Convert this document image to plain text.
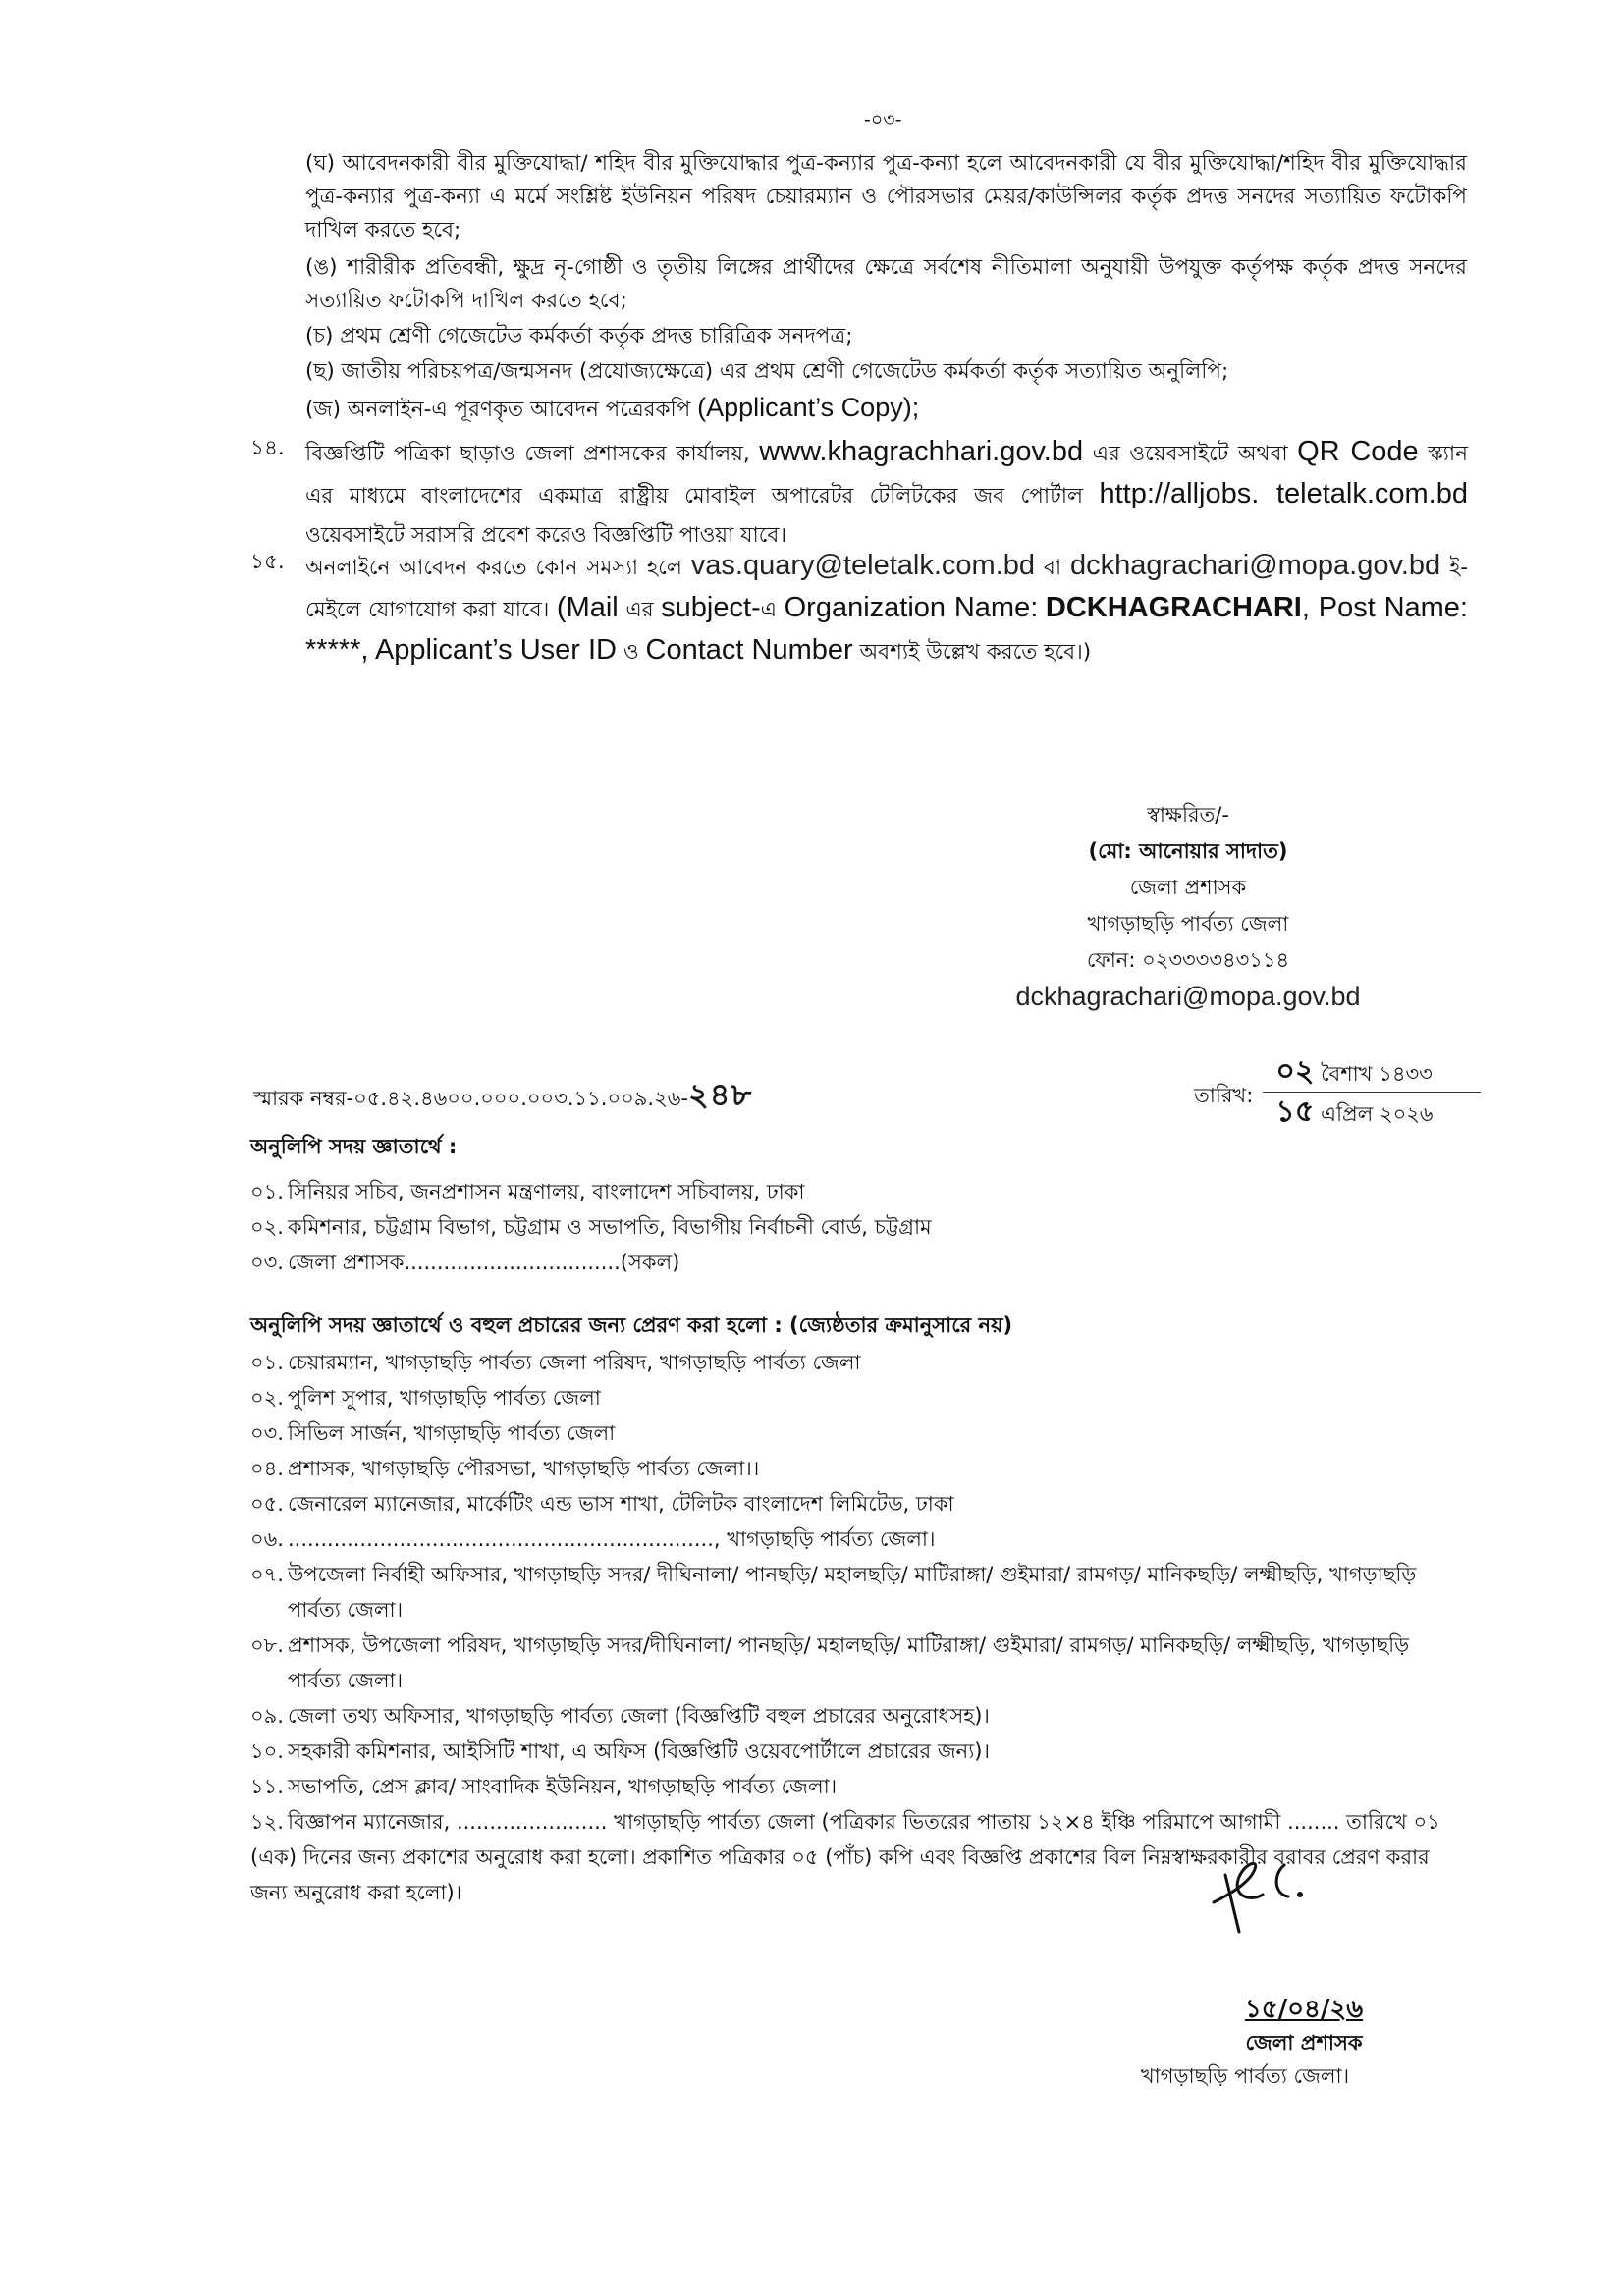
-০৩-
(ঘ) আবেদনকারী বীর মুক্তিযোদ্ধা/ শহিদ বীর মুক্তিযোদ্ধার পুত্র-কন্যার পুত্র-কন্যা হলে আবেদনকারী যে বীর মুক্তিযোদ্ধা/শহিদ বীর মুক্তিযোদ্ধার পুত্র-কন্যার পুত্র-কন্যা এ মর্মে সংশ্লিষ্ট ইউনিয়ন পরিষদ চেয়ারম্যান ও পৌরসভার মেয়র/কাউন্সিলর কর্তৃক প্রদত্ত সনদের সত্যায়িত ফটোকপি দাখিল করতে হবে;
(ঙ) শারীরীক প্রতিবন্ধী, ক্ষুদ্র নৃ-গোষ্ঠী ও তৃতীয় লিঙ্গের প্রার্থীদের ক্ষেত্রে সর্বশেষ নীতিমালা অনুযায়ী উপযুক্ত কর্তৃপক্ষ কর্তৃক প্রদত্ত সনদের সত্যায়িত ফটোকপি দাখিল করতে হবে;
(চ) প্রথম শ্রেণী গেজেটেড কর্মকর্তা কর্তৃক প্রদত্ত চারিত্রিক সনদপত্র;
(ছ) জাতীয় পরিচয়পত্র/জন্মসনদ (প্রযোজ্যক্ষেত্রে) এর প্রথম শ্রেণী গেজেটেড কর্মকর্তা কর্তৃক সত্যায়িত অনুলিপি;
(জ) অনলাইন-এ পূরণকৃত আবেদন পত্রেরকপি (Applicant’s Copy);
১৪. বিজ্ঞপ্তিটি পত্রিকা ছাড়াও জেলা প্রশাসকের কার্যালয়, www.khagrachhari.gov.bd এর ওয়েবসাইটে অথবা QR Code স্ক্যান এর মাধ্যমে বাংলাদেশের একমাত্র রাষ্ট্রীয় মোবাইল অপারেটর টেলিটকের জব পোর্টাল http://alljobs. teletalk.com.bd ওয়েবসাইটে সরাসরি প্রবেশ করেও বিজ্ঞপ্তিটি পাওয়া যাবে।
১৫. অনলাইনে আবেদন করতে কোন সমস্যা হলে vas.quary@teletalk.com.bd বা dckhagrachari@mopa.gov.bd ই-মেইলে যোগাযোগ করা যাবে। (Mail এর subject-এ Organization Name: DCKHAGRACHARI, Post Name: *****, Applicant’s User ID ও Contact Number অবশ্যই উল্লেখ করতে হবে।)
স্বাক্ষরিত/-
(মো: আনোয়ার সাদাত)
জেলা প্রশাসক
খাগড়াছড়ি পার্বত্য জেলা
ফোন: ০২৩৩৩৩৪৩১১৪
dckhagrachari@mopa.gov.bd
স্মারক নম্বর-০৫.৪২.৪৬০০.০০০.০০৩.১১.০০৯.২৬-২৪৮	তারিখ:
০২ বৈশাখ ১৪৩৩
১৫ এপ্রিল ২০২৬
অনুলিপি সদয় জ্ঞাতার্থে :
০১. সিনিয়র সচিব, জনপ্রশাসন মন্ত্রণালয়, বাংলাদেশ সচিবালয়, ঢাকা
০২. কমিশনার, চট্টগ্রাম বিভাগ, চট্টগ্রাম ও সভাপতি, বিভাগীয় নির্বাচনী বোর্ড, চট্টগ্রাম
০৩. জেলা প্রশাসক.................................(সকল)
অনুলিপি সদয় জ্ঞাতার্থে ও বহুল প্রচারের জন্য প্রেরণ করা হলো : (জ্যেষ্ঠতার ক্রমানুসারে নয়)
০১. চেয়ারম্যান, খাগড়াছড়ি পার্বত্য জেলা পরিষদ, খাগড়াছড়ি পার্বত্য জেলা
০২. পুলিশ সুপার, খাগড়াছড়ি পার্বত্য জেলা
০৩. সিভিল সার্জন, খাগড়াছড়ি পার্বত্য জেলা
০৪. প্রশাসক, খাগড়াছড়ি পৌরসভা, খাগড়াছড়ি পার্বত্য জেলা।।
০৫. জেনারেল ম্যানেজার, মার্কেটিং এন্ড ভাস শাখা, টেলিটক বাংলাদেশ লিমিটেড, ঢাকা
০৬. ................................................................., খাগড়াছড়ি পার্বত্য জেলা।
০৭. উপজেলা নির্বাহী অফিসার, খাগড়াছড়ি সদর/ দীঘিনালা/ পানছড়ি/ মহালছড়ি/ মাটিরাঙ্গা/ গুইমারা/ রামগড়/ মানিকছড়ি/ লক্ষ্মীছড়ি, খাগড়াছড়ি পার্বত্য জেলা।
০৮. প্রশাসক, উপজেলা পরিষদ, খাগড়াছড়ি সদর/দীঘিনালা/ পানছড়ি/ মহালছড়ি/ মাটিরাঙ্গা/ গুইমারা/ রামগড়/ মানিকছড়ি/ লক্ষ্মীছড়ি, খাগড়াছড়ি পার্বত্য জেলা।
০৯. জেলা তথ্য অফিসার, খাগড়াছড়ি পার্বত্য জেলা (বিজ্ঞপ্তিটি বহুল প্রচারের অনুরোধসহ)।
১০. সহকারী কমিশনার, আইসিটি শাখা, এ অফিস (বিজ্ঞপ্তিটি ওয়েবপোর্টালে প্রচারের জন্য)।
১১. সভাপতি, প্রেস ক্লাব/ সাংবাদিক ইউনিয়ন, খাগড়াছড়ি পার্বত্য জেলা।
১২. বিজ্ঞাপন ম্যানেজার, ....................... খাগড়াছড়ি পার্বত্য জেলা (পত্রিকার ভিতরের পাতায় ১২×৪ ইঞ্চি পরিমাপে আগামী ........ তারিখে ০১ (এক) দিনের জন্য প্রকাশের অনুরোধ করা হলো। প্রকাশিত পত্রিকার ০৫ (পাঁচ) কপি এবং বিজ্ঞপ্তি প্রকাশের বিল নিম্নস্বাক্ষরকারীর বরাবর প্রেরণ করার জন্য অনুরোধ করা হলো)।
১৫/০৪/২৬
জেলা প্রশাসক
খাগড়াছড়ি পার্বত্য জেলা।
